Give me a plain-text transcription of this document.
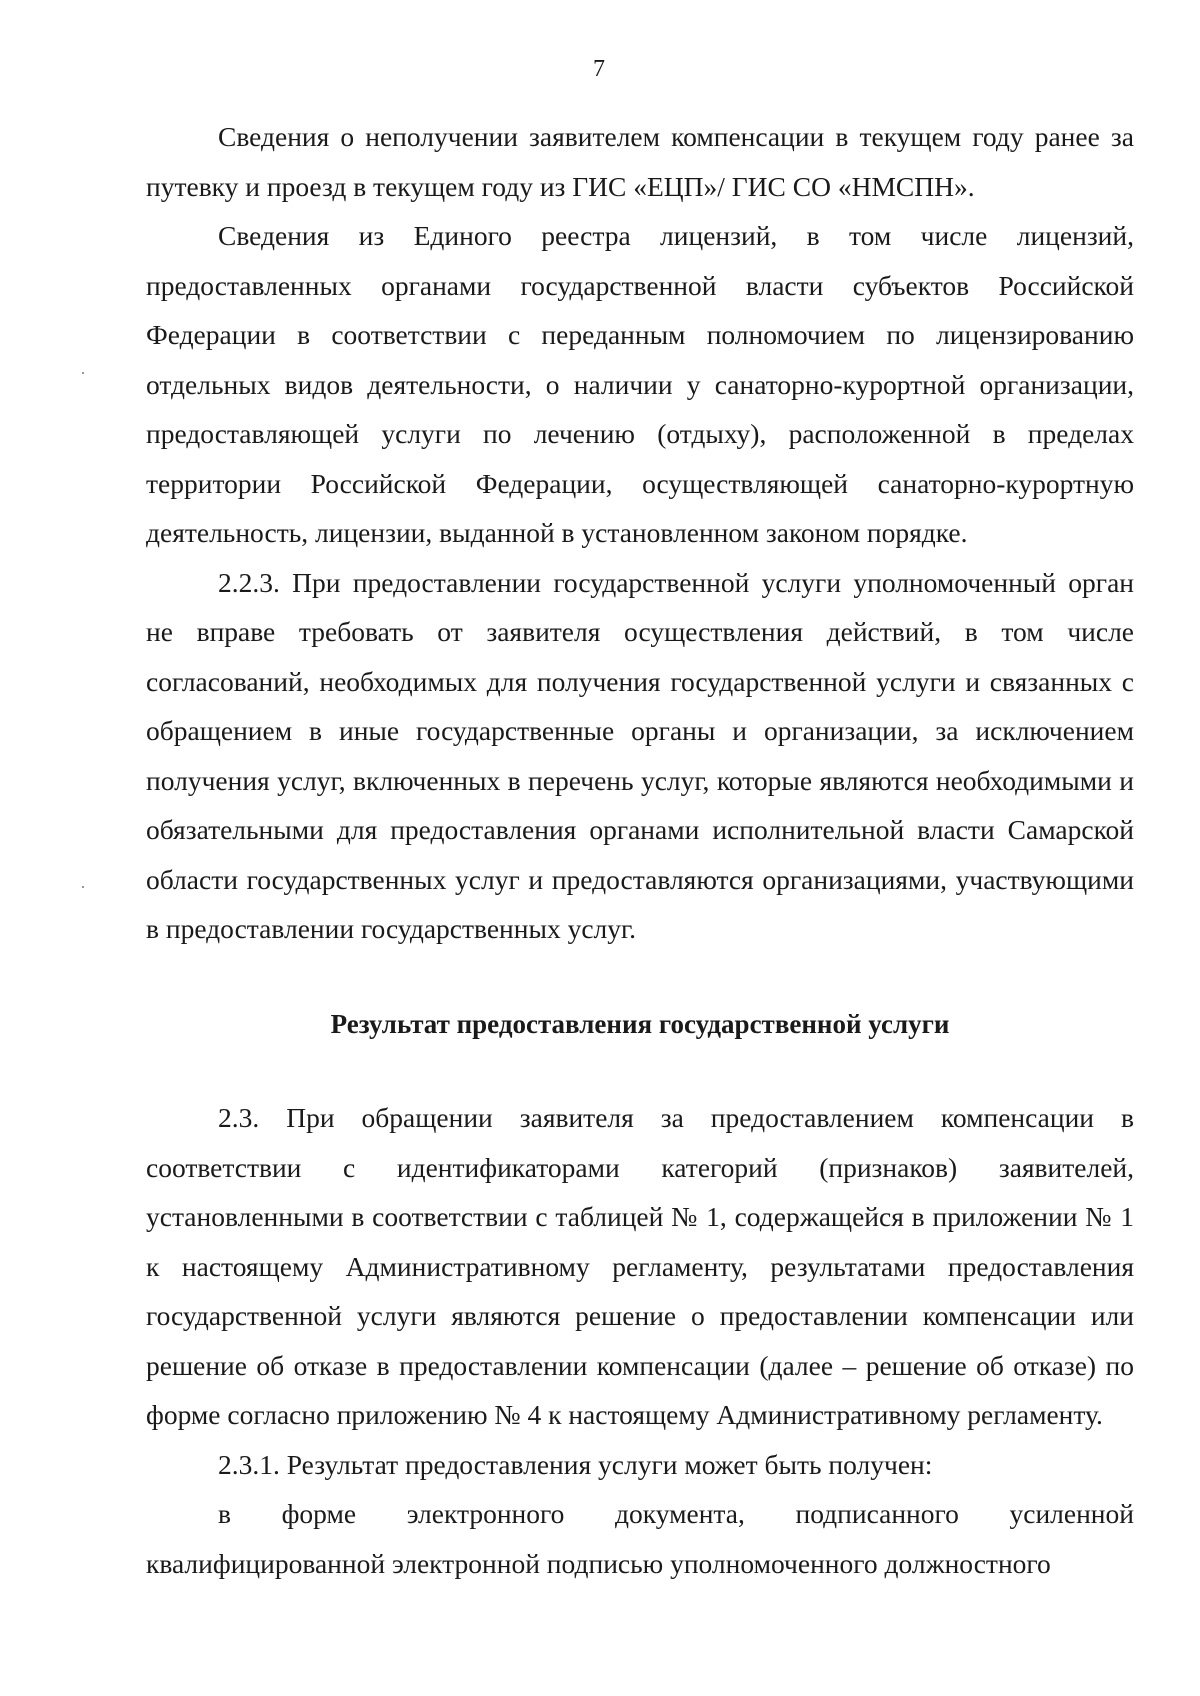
7

Сведения о неполучении заявителем компенсации в текущем году ранее за путевку и проезд в текущем году из ГИС «ЕЦП»/ ГИС СО «НМСПН».

Сведения из Единого реестра лицензий, в том числе лицензий, предоставленных органами государственной власти субъектов Российской Федерации в соответствии с переданным полномочием по лицензированию отдельных видов деятельности, о наличии у санаторно-курортной организации, предоставляющей услуги по лечению (отдыху), расположенной в пределах территории Российской Федерации, осуществляющей санаторно-курортную деятельность, лицензии, выданной в установленном законом порядке.

2.2.3. При предоставлении государственной услуги уполномоченный орган не вправе требовать от заявителя осуществления действий, в том числе согласований, необходимых для получения государственной услуги и связанных с обращением в иные государственные органы и организации, за исключением получения услуг, включенных в перечень услуг, которые являются необходимыми и обязательными для предоставления органами исполнительной власти Самарской области государственных услуг и предоставляются организациями, участвующими в предоставлении государственных услуг.

Результат предоставления государственной услуги

2.3. При обращении заявителя за предоставлением компенсации в соответствии с идентификаторами категорий (признаков) заявителей, установленными в соответствии с таблицей № 1, содержащейся в приложении № 1 к настоящему Административному регламенту, результатами предоставления государственной услуги являются решение о предоставлении компенсации или решение об отказе в предоставлении компенсации (далее – решение об отказе) по форме согласно приложению № 4 к настоящему Административному регламенту.

2.3.1. Результат предоставления услуги может быть получен:

в форме электронного документа, подписанного усиленной квалифицированной электронной подписью уполномоченного должностного
